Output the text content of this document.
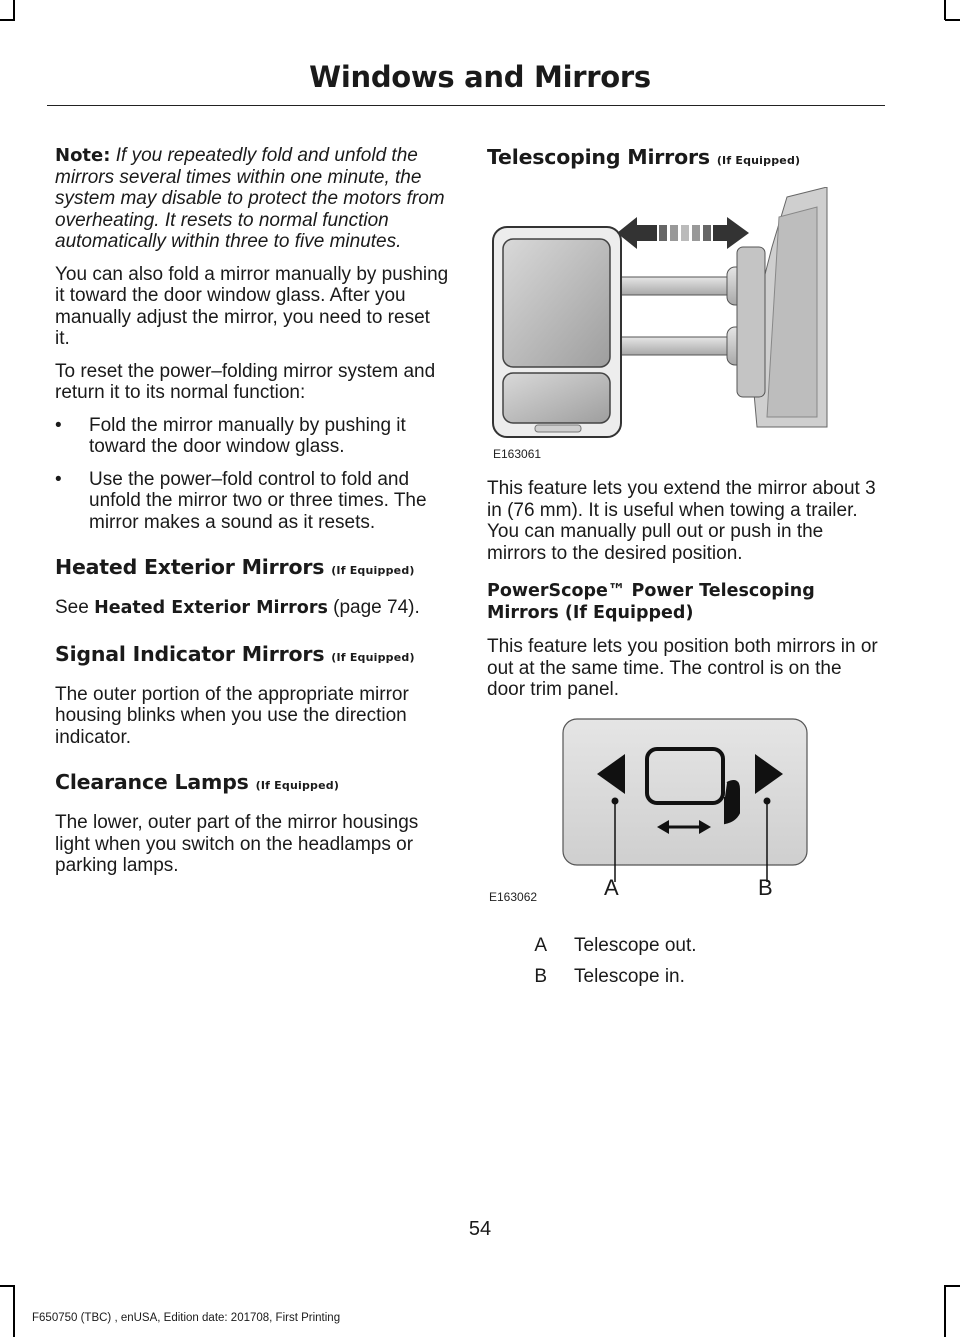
Windows and Mirrors

Note: If you repeatedly fold and unfold the mirrors several times within one minute, the system may disable to protect the motors from overheating. It resets to normal function automatically within three to five minutes.

You can also fold a mirror manually by pushing it toward the door window glass. After you manually adjust the mirror, you need to reset it.

To reset the power–folding mirror system and return it to its normal function:

•	Fold the mirror manually by pushing it toward the door window glass.
•	Use the power–fold control to fold and unfold the mirror two or three times. The mirror makes a sound as it resets.
Heated Exterior Mirrors (If Equipped)

See Heated Exterior Mirrors (page 74).

Signal Indicator Mirrors (If Equipped)

The outer portion of the appropriate mirror housing blinks when you use the direction indicator.

Clearance Lamps (If Equipped)

The lower, outer part of the mirror housings light when you switch on the headlamps or parking lamps.

Telescoping Mirrors (If Equipped)
E163061

This feature lets you extend the mirror about 3 in (76 mm). It is useful when towing a trailer. You can manually pull out or push in the mirrors to the desired position.

PowerScope™ Power Telescoping Mirrors (If Equipped)

This feature lets you position both mirrors in or out at the same time. The control is on the door trim panel.

A	B
E163062
A	Telescope out.
B	Telescope in.
54
F650750 (TBC) , enUSA, Edition date: 201708, First Printing
